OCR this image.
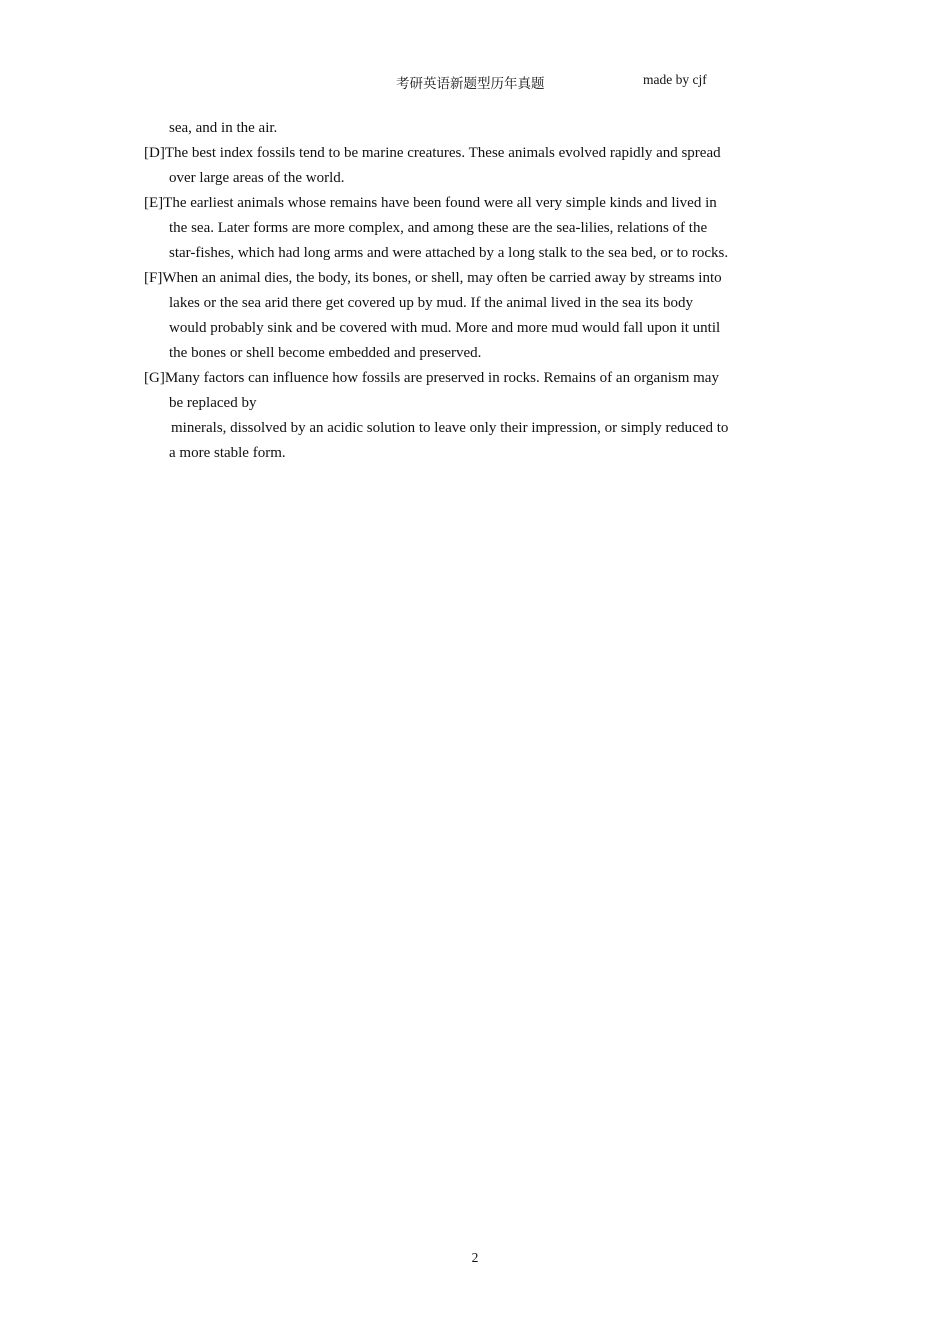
考研英语新题型历年真题	made by cjf
sea, and in the air.
[D]The best index fossils tend to be marine creatures. These animals evolved rapidly and spread
over large areas of the world.
[E]The earliest animals whose remains have been found were all very simple kinds and lived in
the sea. Later forms are more complex, and among these are the sea-lilies, relations of the
star-fishes, which had long arms and were attached by a long stalk to the sea bed, or to rocks.
[F]When an animal dies, the body, its bones, or shell, may often be carried away by streams into
lakes or the sea arid there get covered up by mud. If the animal lived in the sea its body
would probably sink and be covered with mud. More and more mud would fall upon it until
the bones or shell become embedded and preserved.
[G]Many factors can influence how fossils are preserved in rocks. Remains of an organism may
be replaced by
minerals, dissolved by an acidic solution to leave only their impression, or simply reduced to
a more stable form.
2
